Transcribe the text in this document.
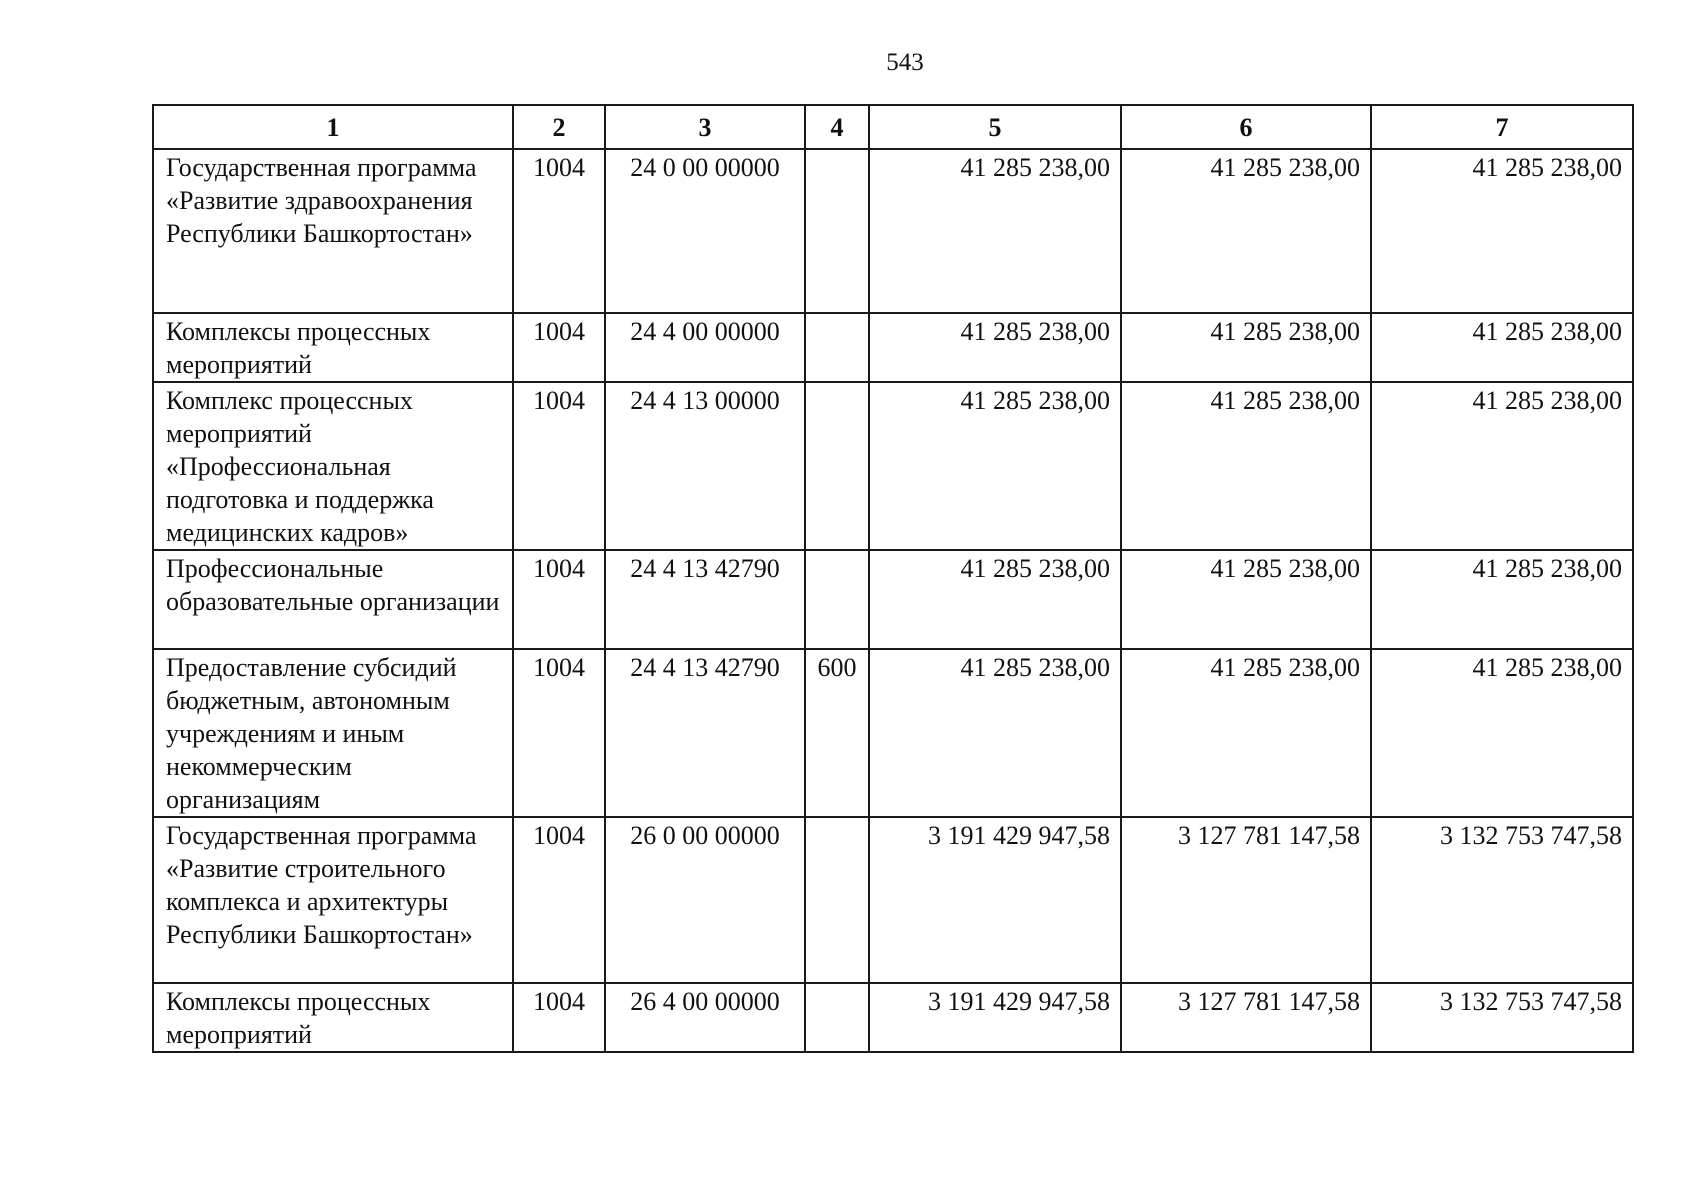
543
1	2	3	4	5	6	7
Государственная программа «Развитие здравоохранения Республики Башкортостан»	1004	24 0 00 00000		41 285 238,00	41 285 238,00	41 285 238,00
Комплексы процессных мероприятий	1004	24 4 00 00000		41 285 238,00	41 285 238,00	41 285 238,00
Комплекс процессных мероприятий «Профессиональная подготовка и поддержка медицинских кадров»	1004	24 4 13 00000		41 285 238,00	41 285 238,00	41 285 238,00
Профессиональные образовательные организации	1004	24 4 13 42790		41 285 238,00	41 285 238,00	41 285 238,00
Предоставление субсидий бюджетным, автономным учреждениям и иным некоммерческим организациям	1004	24 4 13 42790	600	41 285 238,00	41 285 238,00	41 285 238,00
Государственная программа «Развитие строительного комплекса и архитектуры Республики Башкортостан»	1004	26 0 00 00000		3 191 429 947,58	3 127 781 147,58	3 132 753 747,58
Комплексы процессных мероприятий	1004	26 4 00 00000		3 191 429 947,58	3 127 781 147,58	3 132 753 747,58
